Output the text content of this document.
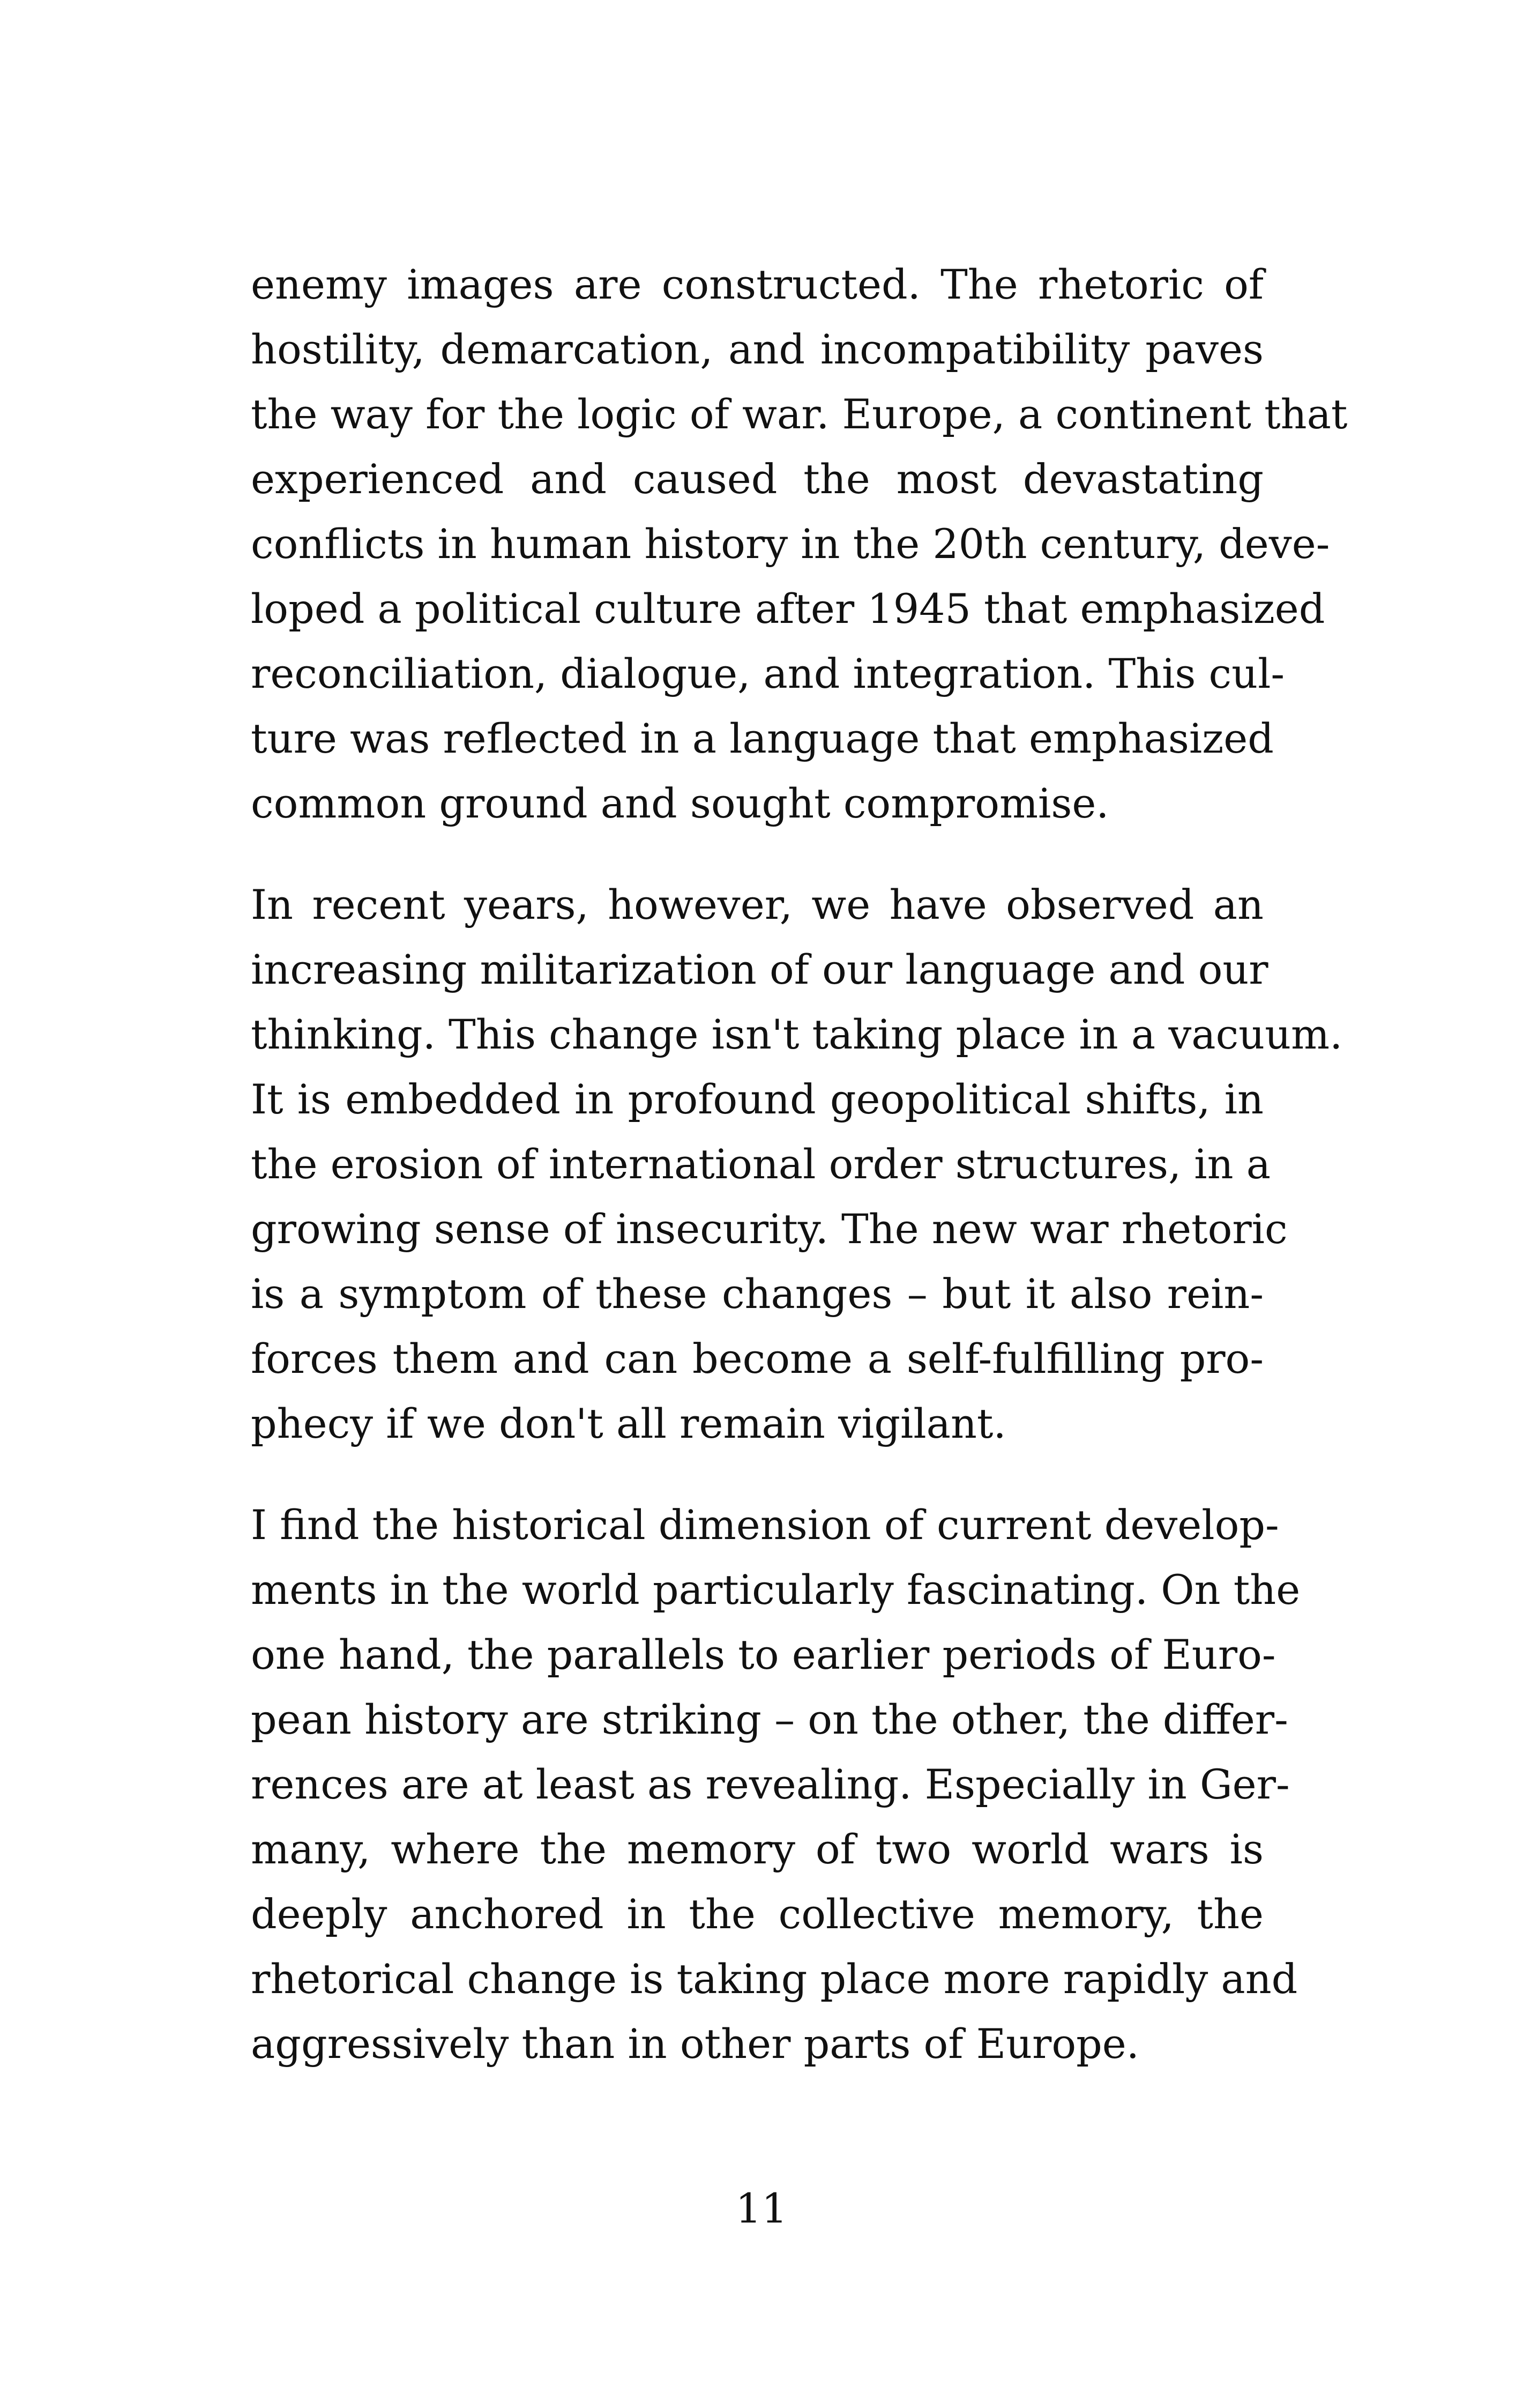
enemy images are constructed. The rhetoric of
hostility, demarcation, and incompatibility paves
the way for the logic of war. Europe, a continent that
experienced and caused the most devastating
conflicts in human history in the 20th century, deve-
loped a political culture after 1945 that emphasized
reconciliation, dialogue, and integration. This cul-
ture was reflected in a language that emphasized
common ground and sought compromise.

In recent years, however, we have observed an
increasing militarization of our language and our
thinking. This change isn't taking place in a vacuum.
It is embedded in profound geopolitical shifts, in
the erosion of international order structures, in a
growing sense of insecurity. The new war rhetoric
is a symptom of these changes – but it also rein-
forces them and can become a self-fulfilling pro-
phecy if we don't all remain vigilant.

I find the historical dimension of current develop-
ments in the world particularly fascinating. On the
one hand, the parallels to earlier periods of Euro-
pean history are striking – on the other, the differ-
rences are at least as revealing. Especially in Ger-
many, where the memory of two world wars is
deeply anchored in the collective memory, the
rhetorical change is taking place more rapidly and
aggressively than in other parts of Europe.

11
